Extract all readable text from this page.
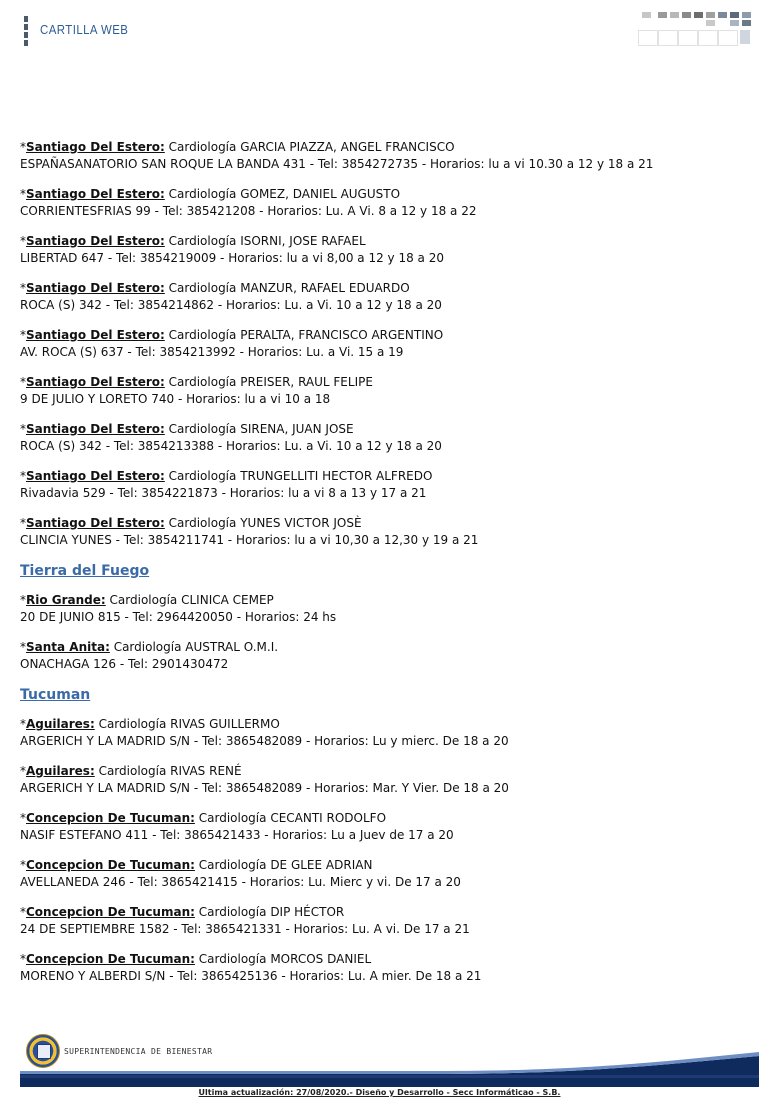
CARTILLA WEB
*Santiago Del Estero: Cardiología GARCIA PIAZZA, ANGEL FRANCISCO
ESPAÑASANATORIO SAN ROQUE LA BANDA 431 - Tel: 3854272735 - Horarios: lu a vi 10.30 a 12 y 18 a 21
*Santiago Del Estero: Cardiología GOMEZ, DANIEL AUGUSTO
CORRIENTESFRIAS 99 - Tel: 385421208 - Horarios: Lu. A Vi. 8 a 12 y 18 a 22
*Santiago Del Estero: Cardiología ISORNI, JOSE RAFAEL
LIBERTAD 647 - Tel: 3854219009 - Horarios: lu a vi 8,00 a 12 y 18 a 20
*Santiago Del Estero: Cardiología MANZUR, RAFAEL EDUARDO
ROCA (S) 342 - Tel: 3854214862 - Horarios: Lu. a Vi. 10 a 12 y 18 a 20
*Santiago Del Estero: Cardiología PERALTA, FRANCISCO ARGENTINO
AV. ROCA (S) 637 - Tel: 3854213992 - Horarios: Lu. a Vi. 15 a 19
*Santiago Del Estero: Cardiología PREISER, RAUL FELIPE
9 DE JULIO Y LORETO 740 - Horarios: lu a vi 10 a 18
*Santiago Del Estero: Cardiología SIRENA, JUAN JOSE
ROCA (S) 342 - Tel: 3854213388 - Horarios: Lu. a Vi. 10 a 12 y 18 a 20
*Santiago Del Estero: Cardiología TRUNGELLITI HECTOR ALFREDO
Rivadavia 529 - Tel: 3854221873 - Horarios: lu a vi 8 a 13 y 17 a 21
*Santiago Del Estero: Cardiología YUNES VICTOR JOSÈ
CLINCIA YUNES - Tel: 3854211741 - Horarios: lu a vi 10,30 a 12,30 y 19 a 21
Tierra del Fuego
*Rio Grande: Cardiología CLINICA CEMEP
20 DE JUNIO 815 - Tel: 2964420050 - Horarios: 24 hs
*Santa Anita: Cardiología AUSTRAL O.M.I.
ONACHAGA 126 - Tel: 2901430472
Tucuman
*Aguilares: Cardiología RIVAS GUILLERMO
ARGERICH Y LA MADRID S/N - Tel: 3865482089 - Horarios: Lu y mierc. De 18 a 20
*Aguilares: Cardiología RIVAS RENÉ
ARGERICH Y LA MADRID S/N - Tel: 3865482089 - Horarios: Mar. Y Vier. De 18 a 20
*Concepcion De Tucuman: Cardiología CECANTI RODOLFO
NASIF ESTEFANO 411 - Tel: 3865421433 - Horarios: Lu a Juev de 17 a 20
*Concepcion De Tucuman: Cardiología DE GLEE ADRIAN
AVELLANEDA 246 - Tel: 3865421415 - Horarios: Lu. Mierc y vi. De 17 a 20
*Concepcion De Tucuman: Cardiología DIP HÉCTOR
24 DE SEPTIEMBRE 1582 - Tel: 3865421331 - Horarios: Lu. A vi. De 17 a 21
*Concepcion De Tucuman: Cardiología MORCOS DANIEL
MORENO Y ALBERDI S/N - Tel: 3865425136 - Horarios: Lu. A mier. De 18 a 21
SUPERINTENDENCIA DE BIENESTAR
Ultima actualización: 27/08/2020.- Diseño y Desarrollo - Secc Informáticao - S.B.
